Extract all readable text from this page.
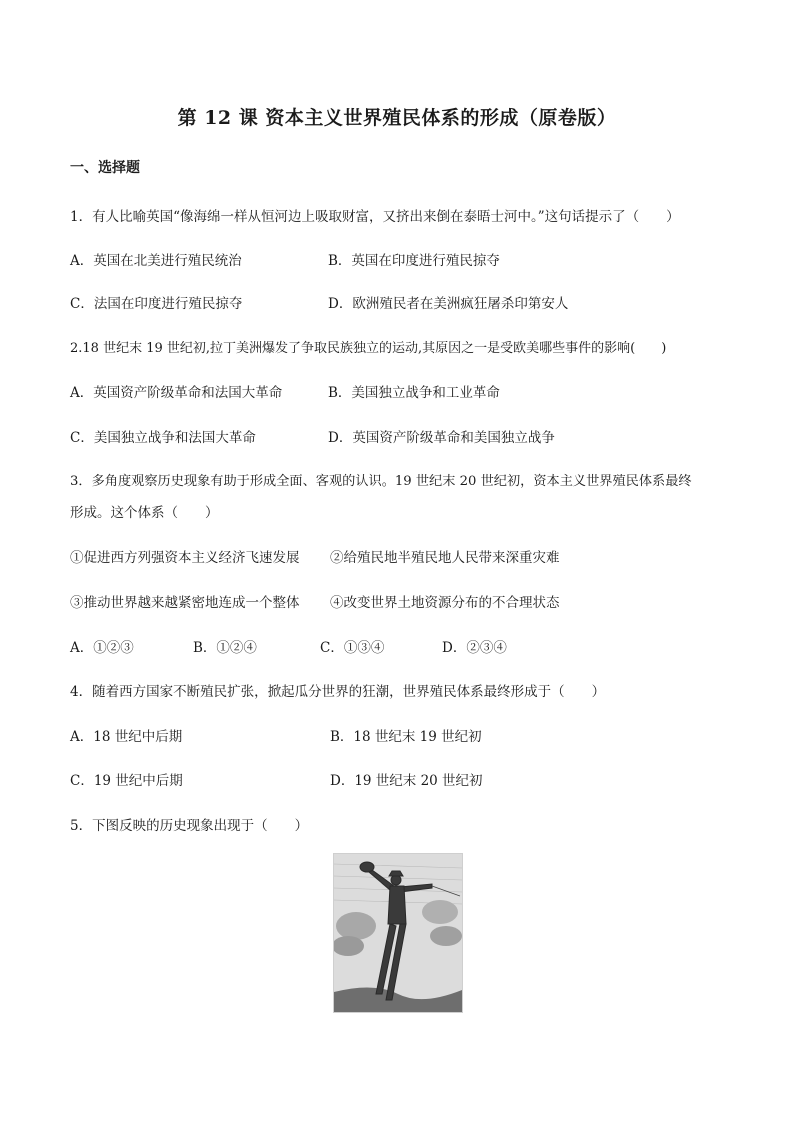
第 12 课 资本主义世界殖民体系的形成（原卷版）
一、选择题
1．有人比喻英国“像海绵一样从恒河边上吸取财富，又挤出来倒在泰晤士河中。”这句话提示了（　　）
A．英国在北美进行殖民统治	B．英国在印度进行殖民掠夺
C．法国在印度进行殖民掠夺	D．欧洲殖民者在美洲疯狂屠杀印第安人
2.18 世纪末 19 世纪初,拉丁美洲爆发了争取民族独立的运动,其原因之一是受欧美哪些事件的影响(　　)
A．英国资产阶级革命和法国大革命	B．美国独立战争和工业革命
C．美国独立战争和法国大革命	D．英国资产阶级革命和美国独立战争
3．多角度观察历史现象有助于形成全面、客观的认识。19 世纪末 20 世纪初，资本主义世界殖民体系最终
形成。这个体系（　　）
①促进西方列强资本主义经济飞速发展 ②给殖民地半殖民地人民带来深重灾难
③推动世界越来越紧密地连成一个整体 ④改变世界土地资源分布的不合理状态
A．①②③	B．①②④	C．①③④	D．②③④
4．随着西方国家不断殖民扩张，掀起瓜分世界的狂潮，世界殖民体系最终形成于（　　）
A．18 世纪中后期	B．18 世纪末 19 世纪初
C．19 世纪中后期	D．19 世纪末 20 世纪初
5．下图反映的历史现象出现于（　　）
